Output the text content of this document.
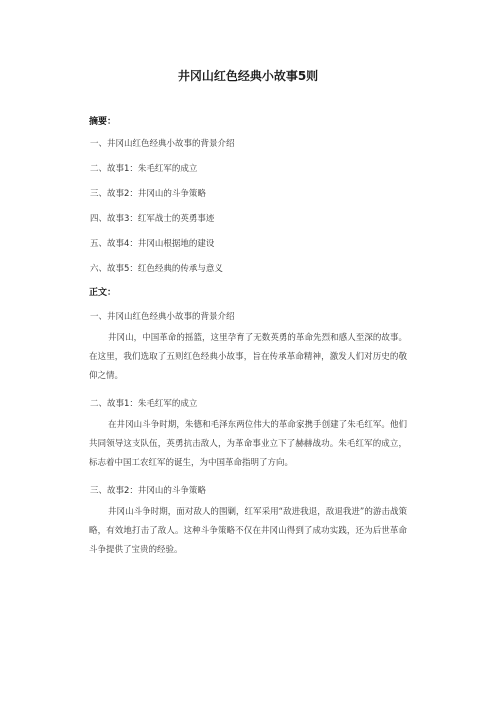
井冈山红色经典小故事5则
摘要：
一、井冈山红色经典小故事的背景介绍
二、故事1：朱毛红军的成立
三、故事2：井冈山的斗争策略
四、故事3：红军战士的英勇事迹
五、故事4：井冈山根据地的建设
六、故事5：红色经典的传承与意义
正文：
一、井冈山红色经典小故事的背景介绍

井冈山，中国革命的摇篮，这里孕育了无数英勇的革命先烈和感人至深的故事。在这里，我们选取了五则红色经典小故事，旨在传承革命精神，激发人们对历史的敬仰之情。

二、故事1：朱毛红军的成立

在井冈山斗争时期，朱德和毛泽东两位伟大的革命家携手创建了朱毛红军。他们共同领导这支队伍，英勇抗击敌人，为革命事业立下了赫赫战功。朱毛红军的成立，标志着中国工农红军的诞生，为中国革命指明了方向。

三、故事2：井冈山的斗争策略

井冈山斗争时期，面对敌人的围剿，红军采用“敌进我退，敌退我进”的游击战策略，有效地打击了敌人。这种斗争策略不仅在井冈山得到了成功实践，还为后世革命斗争提供了宝贵的经验。
